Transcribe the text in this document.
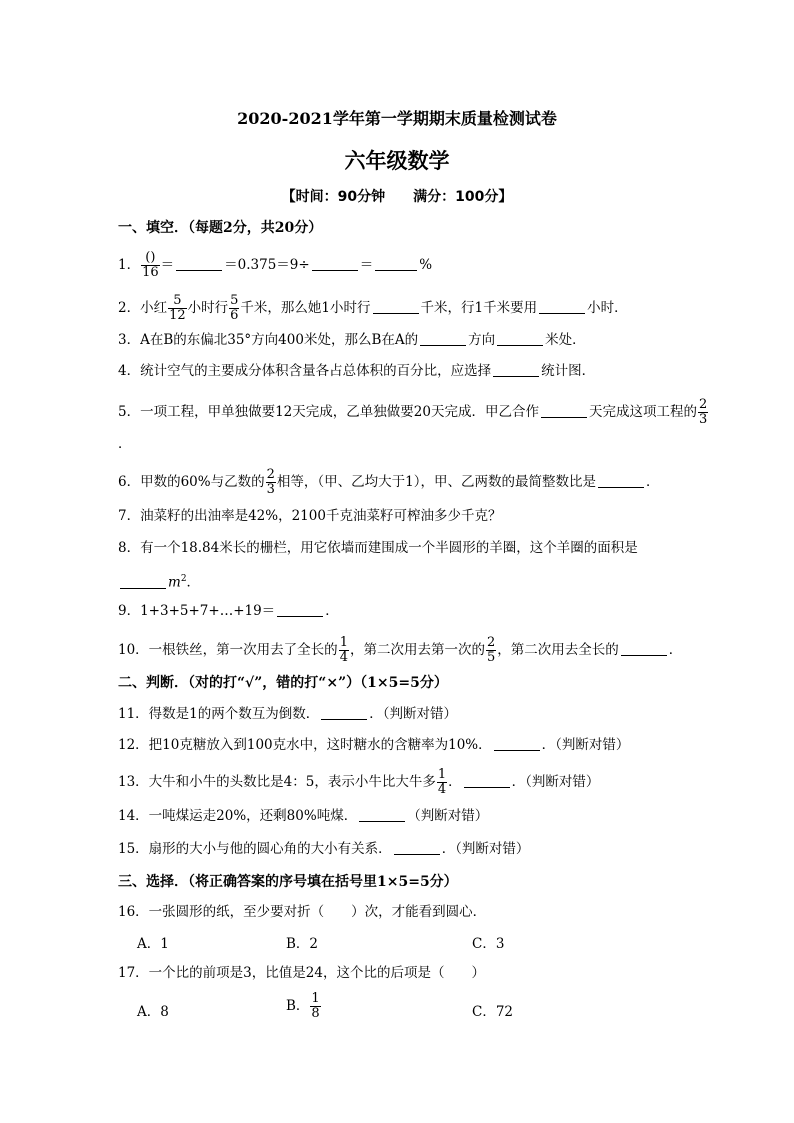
2020-2021学年第一学期期末质量检测试卷
六年级数学
【时间：90分钟　　满分：100分】
一、填空．（每题2分，共20分）
1． $\frac{()}{16}$ ＝	＝0.375＝9÷	＝	%
2．小红 $\frac{5}{12}$ 小时行 $\frac{5}{6}$ 千米，那么她1小时行	千米，行1千米要用	小时．
3．A在B的东偏北35°方向400米处，那么B在A的	方向	米处．
4．统计空气的主要成分体积含量各占总体积的百分比，应选择	统计图．
5．一项工程，甲单独做要12天完成，乙单独做要20天完成．甲乙合作	天完成这项工程的 $\frac{2}{3}$
．
6．甲数的60%与乙数的 $\frac{2}{3}$ 相等，（甲、乙均大于1），甲、乙两数的最简整数比是	．
7．油菜籽的出油率是42%，2100千克油菜籽可榨油多少千克？
8．有一个18.84米长的栅栏，用它依墙而建围成一个半圆形的羊圈，这个羊圈的面积是
$m^2$．
9．1+3+5+7+…+19＝	．
10．一根铁丝，第一次用去了全长的 $\frac{1}{4}$ ，第二次用去第一次的 $\frac{2}{5}$ ，第二次用去全长的	．
二、判断．（对的打“√”，错的打“×”）（1×5=5分）
11．得数是1的两个数互为倒数．	．（判断对错）
12．把10克糖放入到100克水中，这时糖水的含糖率为10%．	．（判断对错）
13．大牛和小牛的头数比是4：5，表示小牛比大牛多 $\frac{1}{4}$ ．	．（判断对错）
14．一吨煤运走20%，还剩80%吨煤．	（判断对错）
15．扇形的大小与他的圆心角的大小有关系．	．（判断对错）
三、选择．（将正确答案的序号填在括号里1×5=5分）
16．一张圆形的纸，至少要对折（　　）次，才能看到圆心．
A．1	B．2	C．3
17．一个比的前项是3，比值是24，这个比的后项是（　　）
A．8	B． $\frac{1}{8}$	C．72
